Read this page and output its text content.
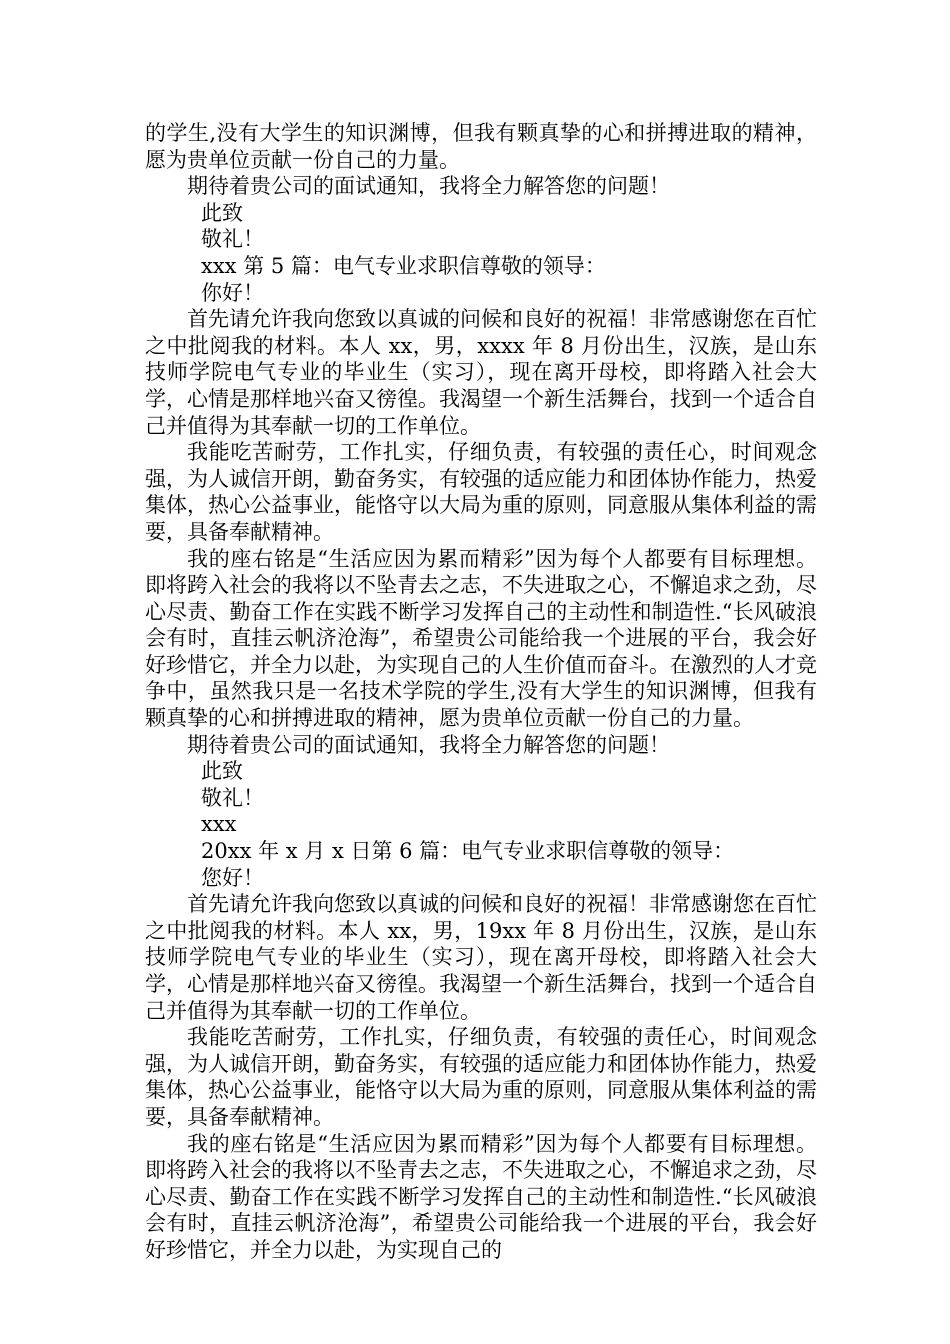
的学生,没有大学生的知识渊博，但我有颗真挚的心和拼搏进取的精神，愿为贵单位贡献一份自己的力量。

期待着贵公司的面试通知，我将全力解答您的问题！

此致

敬礼！

xxx 第 5 篇：电气专业求职信尊敬的领导：

你好！

首先请允许我向您致以真诚的问候和良好的祝福！非常感谢您在百忙之中批阅我的材料。本人 xx，男，xxxx 年 8 月份出生，汉族，是山东技师学院电气专业的毕业生（实习），现在离开母校，即将踏入社会大学，心情是那样地兴奋又徬徨。我渴望一个新生活舞台，找到一个适合自己并值得为其奉献一切的工作单位。

我能吃苦耐劳，工作扎实，仔细负责，有较强的责任心，时间观念强，为人诚信开朗，勤奋务实，有较强的适应能力和团体协作能力，热爱集体，热心公益事业，能恪守以大局为重的原则，同意服从集体利益的需要，具备奉献精神。

我的座右铭是“生活应因为累而精彩”因为每个人都要有目标理想。即将跨入社会的我将以不坠青去之志，不失进取之心，不懈追求之劲，尽心尽责、勤奋工作在实践不断学习发挥自己的主动性和制造性.“长风破浪会有时，直挂云帆济沧海”，希望贵公司能给我一个进展的平台，我会好好珍惜它，并全力以赴，为实现自己的人生价值而奋斗。在激烈的人才竞争中，虽然我只是一名技术学院的学生,没有大学生的知识渊博，但我有颗真挚的心和拼搏进取的精神，愿为贵单位贡献一份自己的力量。

期待着贵公司的面试通知，我将全力解答您的问题！

此致

敬礼！

xxx

20xx 年 x 月 x 日第 6 篇：电气专业求职信尊敬的领导：

您好！

首先请允许我向您致以真诚的问候和良好的祝福！非常感谢您在百忙之中批阅我的材料。本人 xx，男，19xx 年 8 月份出生，汉族，是山东技师学院电气专业的毕业生（实习），现在离开母校，即将踏入社会大学，心情是那样地兴奋又徬徨。我渴望一个新生活舞台，找到一个适合自己并值得为其奉献一切的工作单位。

我能吃苦耐劳，工作扎实，仔细负责，有较强的责任心，时间观念强，为人诚信开朗，勤奋务实，有较强的适应能力和团体协作能力，热爱集体，热心公益事业，能恪守以大局为重的原则，同意服从集体利益的需要，具备奉献精神。

我的座右铭是“生活应因为累而精彩”因为每个人都要有目标理想。即将跨入社会的我将以不坠青去之志，不失进取之心，不懈追求之劲，尽心尽责、勤奋工作在实践不断学习发挥自己的主动性和制造性.“长风破浪会有时，直挂云帆济沧海”，希望贵公司能给我一个进展的平台，我会好好珍惜它，并全力以赴，为实现自己的
